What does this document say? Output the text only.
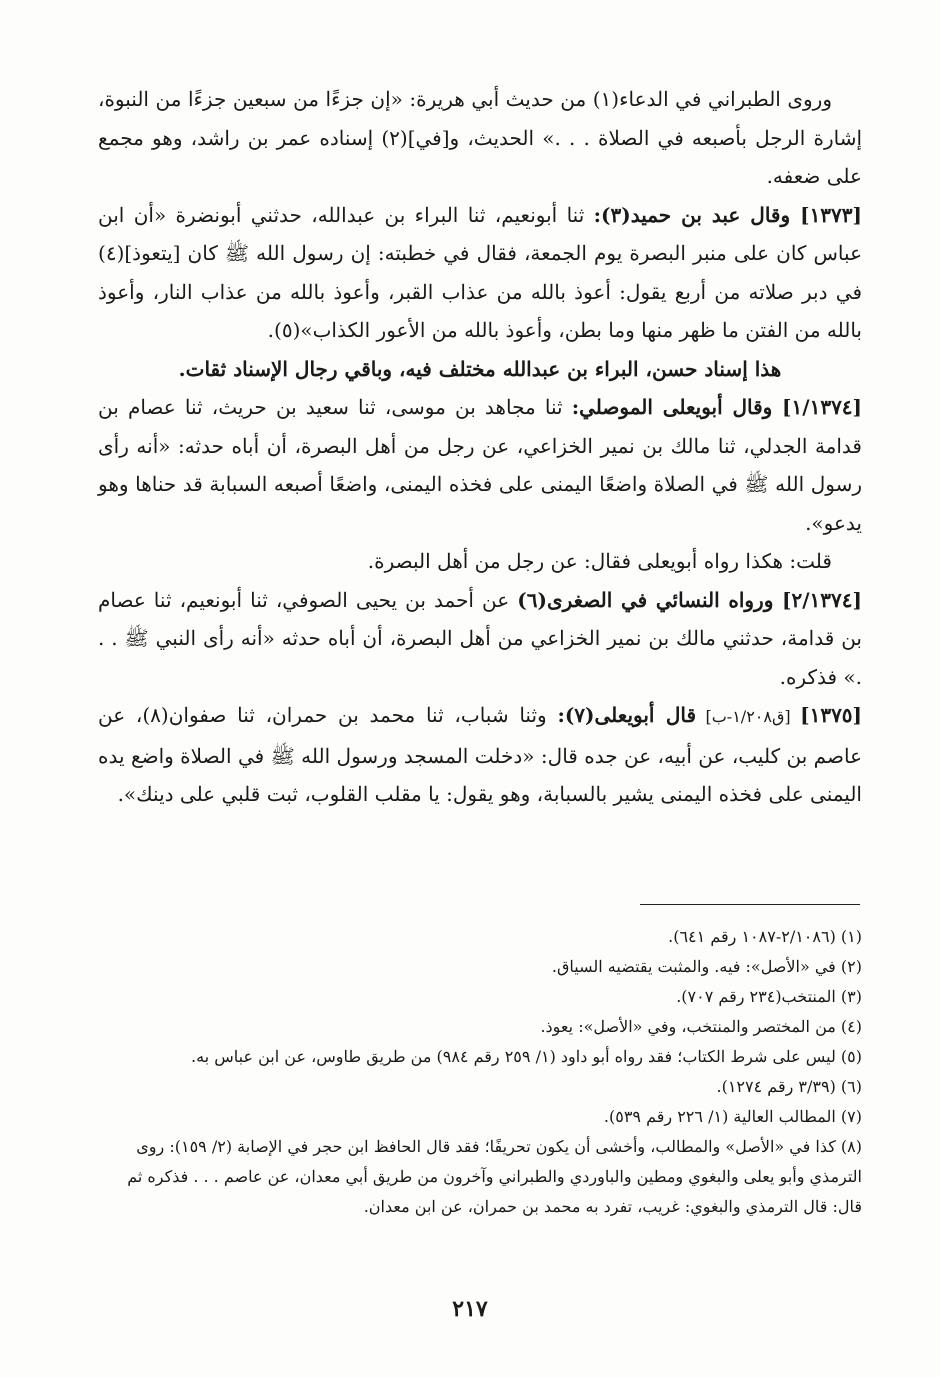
وروى الطبراني في الدعاء(١) من حديث أبي هريرة: «إن جزءًا من سبعين جزءًا من النبوة، إشارة الرجل بأصبعه في الصلاة . . .» الحديث، و[في](٢) إسناده عمر بن راشد، وهو مجمع على ضعفه.

[١٣٧٣] وقال عبد بن حميد(٣): ثنا أبونعيم، ثنا البراء بن عبدالله، حدثني أبونضرة «أن ابن عباس كان على منبر البصرة يوم الجمعة، فقال في خطبته: إن رسول الله ﷺ كان [يتعوذ](٤) في دبر صلاته من أربع يقول: أعوذ بالله من عذاب القبر، وأعوذ بالله من عذاب النار، وأعوذ بالله من الفتن ما ظهر منها وما بطن، وأعوذ بالله من الأعور الكذاب»(٥).

هذا إسناد حسن، البراء بن عبدالله مختلف فيه، وباقي رجال الإسناد ثقات.

[١/١٣٧٤] وقال أبويعلى الموصلي: ثنا مجاهد بن موسى، ثنا سعيد بن حريث، ثنا عصام بن قدامة الجدلي، ثنا مالك بن نمير الخزاعي، عن رجل من أهل البصرة، أن أباه حدثه: «أنه رأى رسول الله ﷺ في الصلاة واضعًا اليمنى على فخذه اليمنى، واضعًا أصبعه السبابة قد حناها وهو يدعو».

قلت: هكذا رواه أبويعلى فقال: عن رجل من أهل البصرة.

[٢/١٣٧٤] ورواه النسائي في الصغرى(٦) عن أحمد بن يحيى الصوفي، ثنا أبونعيم، ثنا عصام بن قدامة، حدثني مالك بن نمير الخزاعي من أهل البصرة، أن أباه حدثه «أنه رأى النبي ﷺ . . .» فذكره.

[١٣٧٥] [ق١/٢٠٨-ب] قال أبويعلى(٧): وثنا شباب، ثنا محمد بن حمران، ثنا صفوان(٨)، عن عاصم بن كليب، عن أبيه، عن جده قال: «دخلت المسجد ورسول الله ﷺ في الصلاة واضع يده اليمنى على فخذه اليمنى يشير بالسبابة، وهو يقول: يا مقلب القلوب، ثبت قلبي على دينك».

(١) (٢/١٠٨٦-١٠٨٧ رقم ٦٤١).
(٢) في «الأصل»: فيه. والمثبت يقتضيه السياق.
(٣) المنتخب(٢٣٤ رقم ٧٠٧).
(٤) من المختصر والمنتخب، وفي «الأصل»: يعوذ.
(٥) ليس على شرط الكتاب؛ فقد رواه أبو داود (١/ ٢٥٩ رقم ٩٨٤) من طريق طاوس، عن ابن عباس به.
(٦) (٣/٣٩ رقم ١٢٧٤).
(٧) المطالب العالية (١/ ٢٢٦ رقم ٥٣٩).
(٨) كذا في «الأصل» والمطالب، وأخشى أن يكون تحريفًا؛ فقد قال الحافظ ابن حجر في الإصابة (٢/ ١٥٩): روى الترمذي وأبو يعلى والبغوي ومطين والباوردي والطبراني وآخرون من طريق أبي معدان، عن عاصم . . . فذكره ثم قال: قال الترمذي والبغوي: غريب، تفرد به محمد بن حمران، عن ابن معدان.
٢١٧
